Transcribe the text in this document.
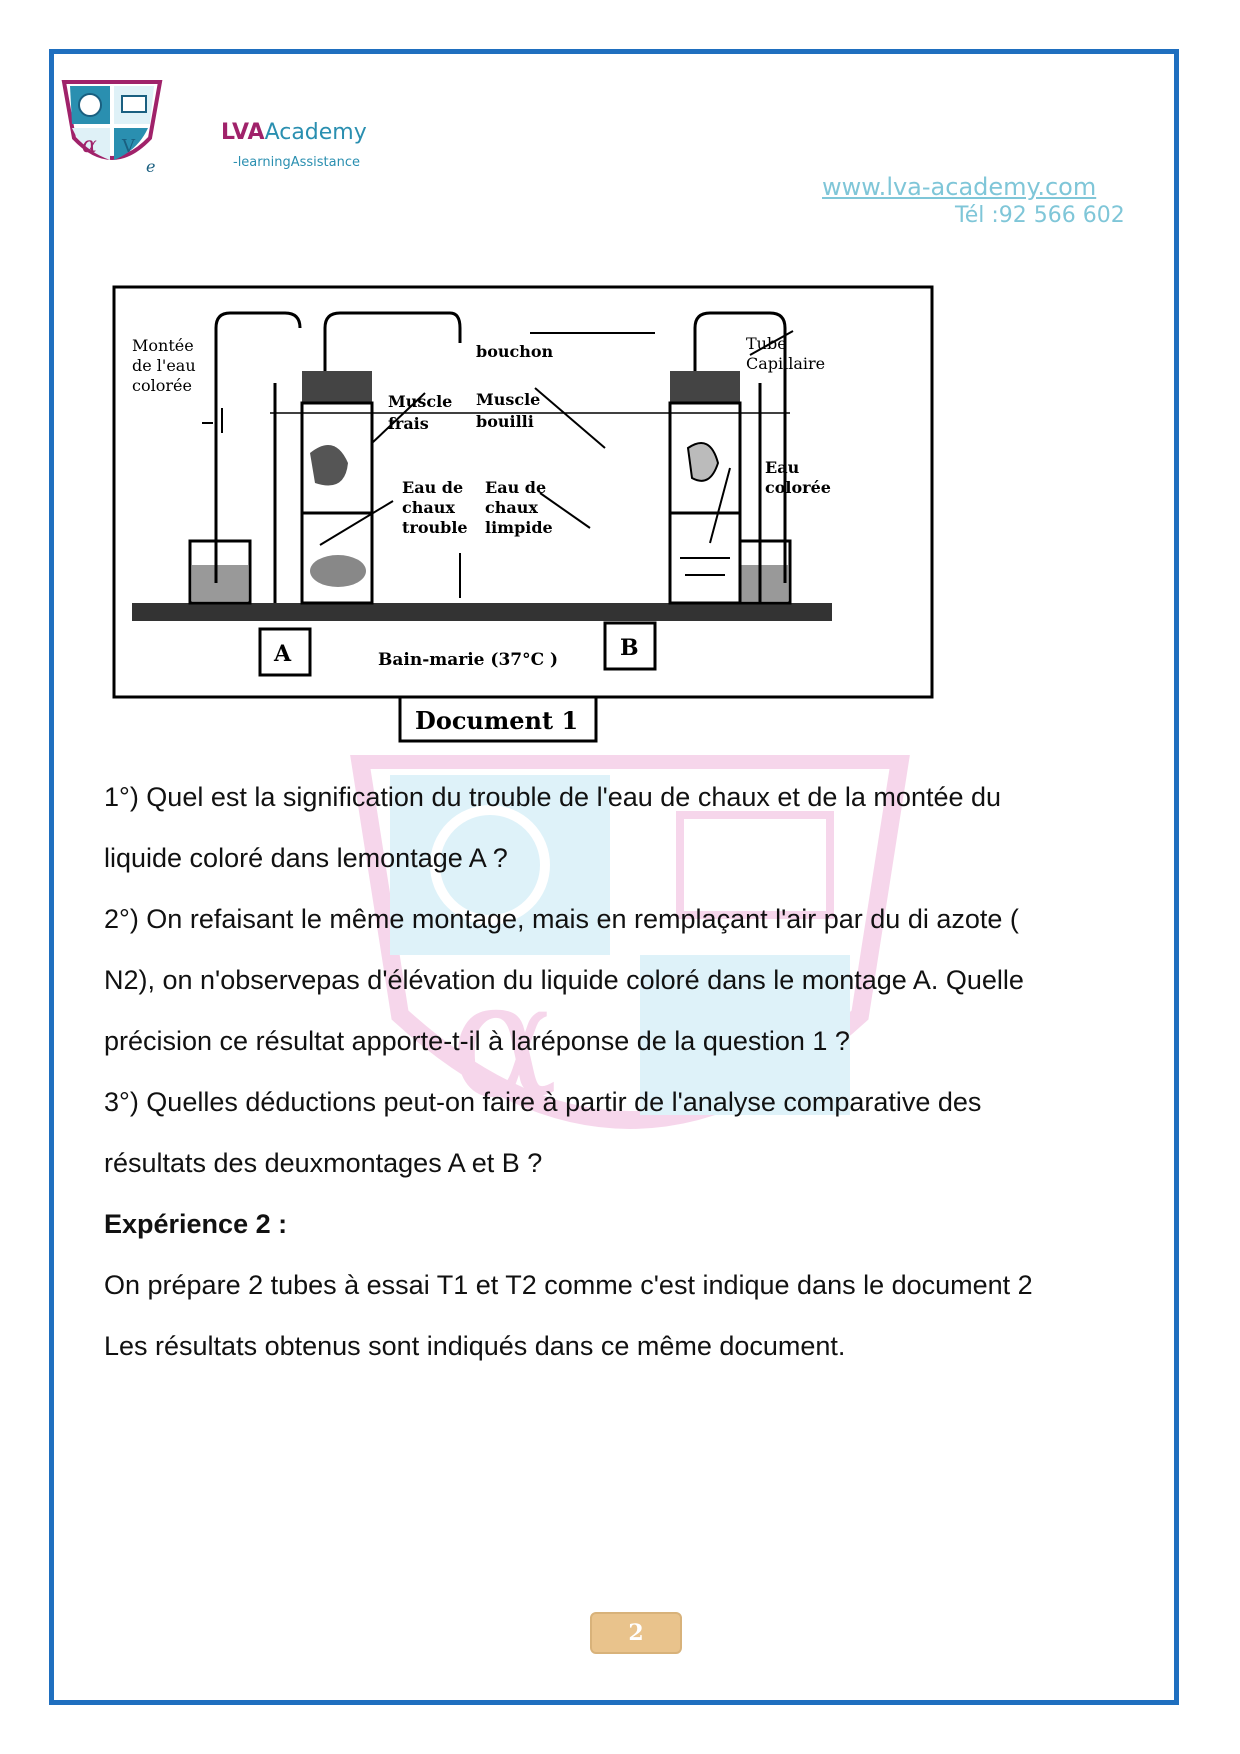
α V
e
LVAAcademy
-learningAssistance
www.lva-academy.com
Tél :92 566 602
α
Montée
de l'eau
colorée
bouchon	Tube
Capillaire
Muscle
frais
Muscle
bouilli
Eau de
chaux
trouble
Eau de
chaux
limpide
Eau
colorée
A	B
Bain-marie (37°C )
Document 1
1°) Quel est la signification du trouble de l'eau de chaux et de la montée du
liquide coloré dans lemontage A ?
2°) On refaisant le même montage, mais en remplaçant l'air par du di azote (
N2), on n'observepas d'élévation du liquide coloré dans le montage A. Quelle
précision ce résultat apporte-t-il à laréponse de la question 1 ?
3°) Quelles déductions peut-on faire à partir de l'analyse comparative des
résultats des deuxmontages A et B ?
Expérience 2 :
On prépare 2 tubes à essai T1 et T2 comme c'est indique dans le document 2
Les résultats obtenus sont indiqués dans ce même document.
2
